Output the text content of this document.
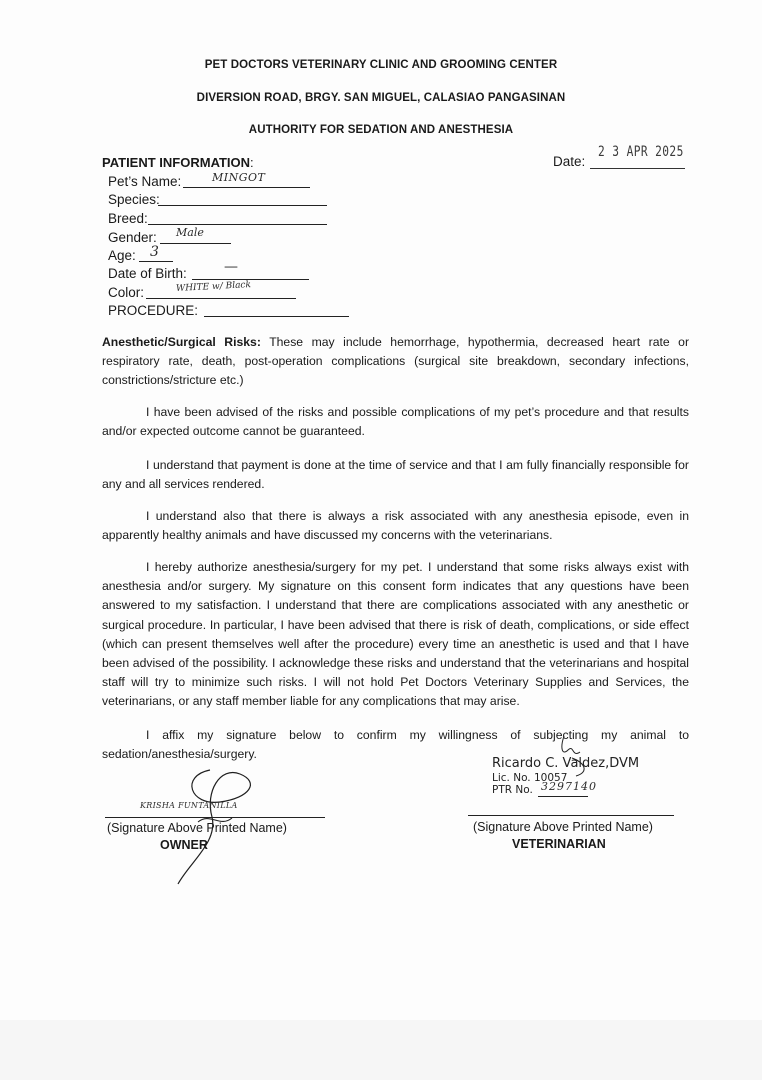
PET DOCTORS VETERINARY CLINIC AND GROOMING CENTER
DIVERSION ROAD, BRGY. SAN MIGUEL, CALASIAO PANGASINAN
AUTHORITY FOR SEDATION AND ANESTHESIA
PATIENT INFORMATION:	Date:
2 3 APR 2025
Pet’s Name:	MINGOT
Species:
Breed:
Gender: Male
Age: 3
Date of Birth:	—
Color:	WHITE w/ Black
PROCEDURE:
Anesthetic/Surgical Risks: These may include hemorrhage, hypothermia, decreased heart rate or respiratory rate, death, post-operation complications (surgical site breakdown, secondary infections, constrictions/stricture etc.)
I have been advised of the risks and possible complications of my pet’s procedure and that results and/or expected outcome cannot be guaranteed.
I understand that payment is done at the time of service and that I am fully financially responsible for any and all services rendered.
I understand also that there is always a risk associated with any anesthesia episode, even in apparently healthy animals and have discussed my concerns with the veterinarians.
I hereby authorize anesthesia/surgery for my pet. I understand that some risks always exist with anesthesia and/or surgery. My signature on this consent form indicates that any questions have been answered to my satisfaction. I understand that there are complications associated with any anesthetic or surgical procedure. In particular, I have been advised that there is risk of death, complications, or side effect (which can present themselves well after the procedure) every time an anesthetic is used and that I have been advised of the possibility. I acknowledge these risks and understand that the veterinarians and hospital staff will try to minimize such risks. I will not hold Pet Doctors Veterinary Supplies and Services, the veterinarians, or any staff member liable for any complications that may arise.
I affix my signature below to confirm my willingness of subjecting my animal to sedation/anesthesia/surgery.
KRISHA FUNTANILLA
(Signature Above Printed Name)
OWNER
Ricardo C. Valdez,DVM
Lic. No. 10057
PTR No. 3297140
(Signature Above Printed Name)
VETERINARIAN
